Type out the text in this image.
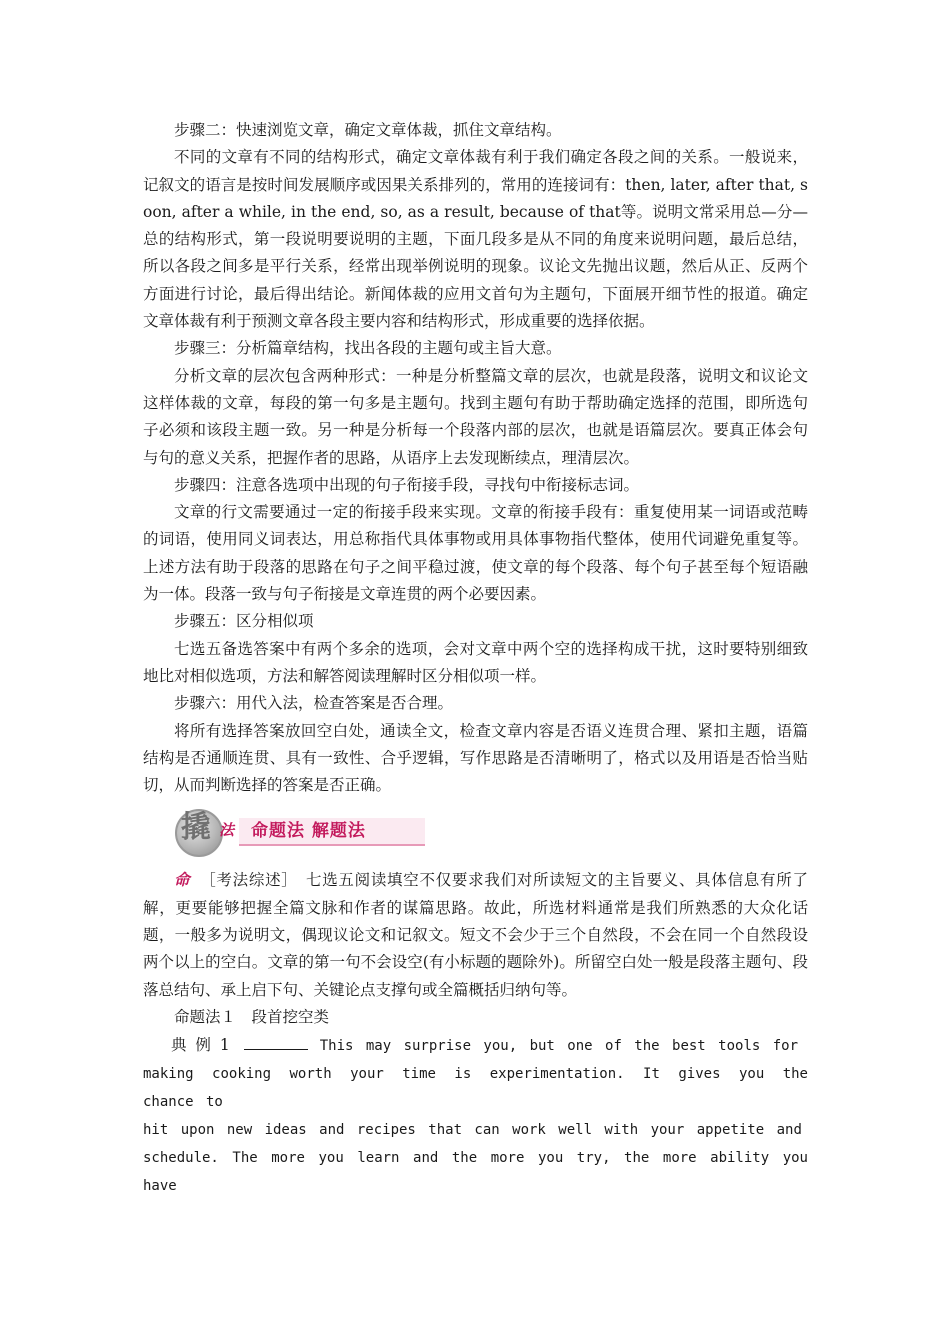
步骤二：快速浏览文章，确定文章体裁，抓住文章结构。

不同的文章有不同的结构形式，确定文章体裁有利于我们确定各段之间的关系。一般说来，记叙文的语言是按时间发展顺序或因果关系排列的，常用的连接词有：then, later, after that, soon, after a while, in the end, so, as a result, because of that等。说明文常采用总—分—总的结构形式，第一段说明要说明的主题，下面几段多是从不同的角度来说明问题，最后总结，所以各段之间多是平行关系，经常出现举例说明的现象。议论文先抛出议题，然后从正、反两个方面进行讨论，最后得出结论。新闻体裁的应用文首句为主题句，下面展开细节性的报道。确定文章体裁有利于预测文章各段主要内容和结构形式，形成重要的选择依据。

步骤三：分析篇章结构，找出各段的主题句或主旨大意。

分析文章的层次包含两种形式：一种是分析整篇文章的层次，也就是段落，说明文和议论文这样体裁的文章，每段的第一句多是主题句。找到主题句有助于帮助确定选择的范围，即所选句子必须和该段主题一致。另一种是分析每一个段落内部的层次，也就是语篇层次。要真正体会句与句的意义关系，把握作者的思路，从语序上去发现断续点，理清层次。

步骤四：注意各选项中出现的句子衔接手段，寻找句中衔接标志词。

文章的行文需要通过一定的衔接手段来实现。文章的衔接手段有：重复使用某一词语或范畴的词语，使用同义词表达，用总称指代具体事物或用具体事物指代整体，使用代词避免重复等。上述方法有助于段落的思路在句子之间平稳过渡，使文章的每个段落、每个句子甚至每个短语融为一体。段落一致与句子衔接是文章连贯的两个必要因素。

步骤五：区分相似项

七选五备选答案中有两个多余的选项，会对文章中两个空的选择构成干扰，这时要特别细致地比对相似选项，方法和解答阅读理解时区分相似项一样。

步骤六：用代入法，检查答案是否合理。

将所有选择答案放回空白处，通读全文，检查文章内容是否语义连贯合理、紧扣主题，语篇结构是否通顺连贯、具有一致性、合乎逻辑，写作思路是否清晰明了，格式以及用语是否恰当贴切，从而判断选择的答案是否正确。

撬 法 命题法 解题法

命 ［考法综述］　 七选五阅读填空不仅要求我们对所读短文的主旨要义、具体信息有所了解，更要能够把握全篇文脉和作者的谋篇思路。故此，所选材料通常是我们所熟悉的大众化话题，一般多为说明文，偶现议论文和记叙文。短文不会少于三个自然段，不会在同一个自然段设两个以上的空白。文章的第一句不会设空(有小标题的题除外)。所留空白处一般是段落主题句、段落总结句、承上启下句、关键论点支撑句或全篇概括归纳句等。

命题法１　段首挖空类

典 例 1	This may surprise you, but one of the best tools for

making cooking worth your time is experimentation. It gives you the chance to

hit upon new ideas and recipes that can work well with your appetite and

schedule. The more you learn and the more you try, the more ability you have
